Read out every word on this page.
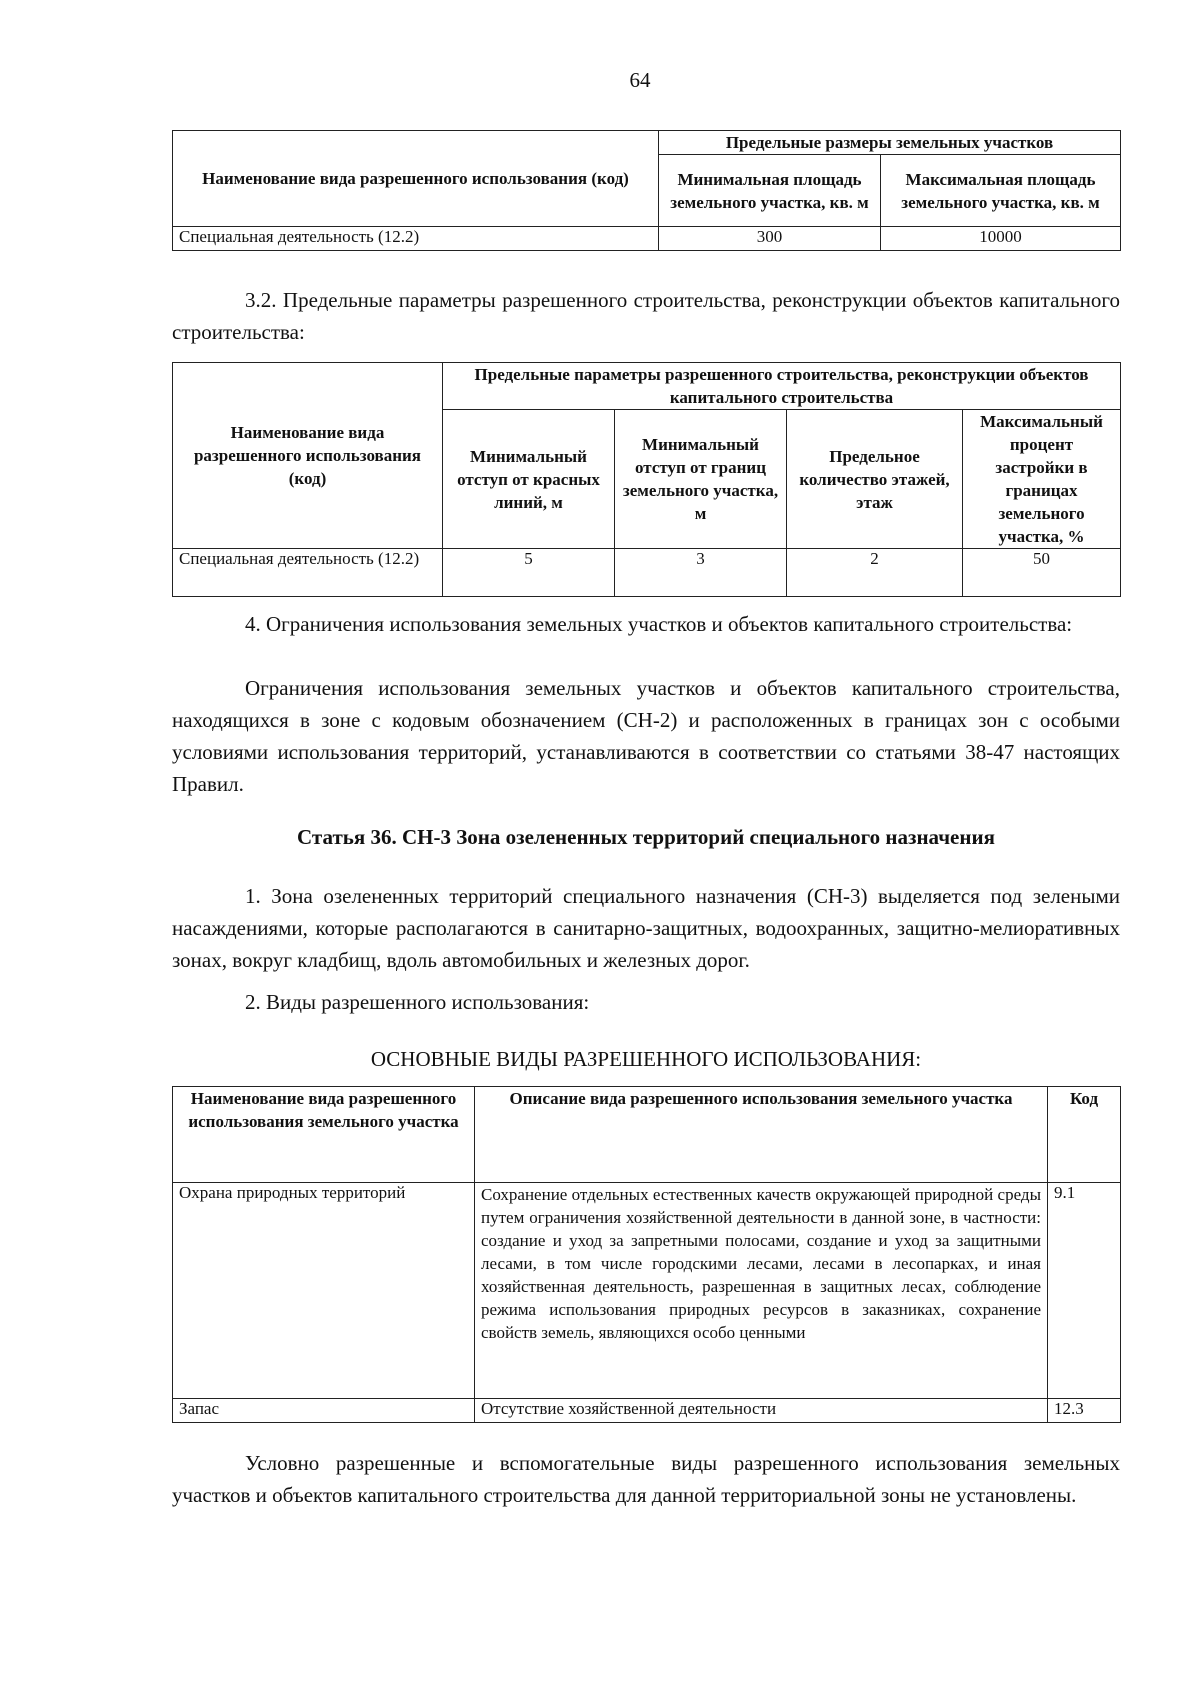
64
Наименование вида разрешенного использования (код)	Предельные размеры земельных участков	
	Минимальная площадь земельного участка, кв. м	Максимальная площадь земельного участка, кв. м
Специальная деятельность (12.2)	300	10000
3.2. Предельные параметры разрешенного строительства, реконструкции объектов капитального строительства:
Наименование вида разрешенного использования (код)	Предельные параметры разрешенного строительства, реконструкции объектов капитального строительства			
	Минимальный отступ от красных линий, м	Минимальный отступ от границ земельного участка, м	Предельное количество этажей, этаж	Максимальный процент застройки в границах земельного участка, %
Специальная деятельность (12.2)	5	3	2	50
4. Ограничения использования земельных участков и объектов капитального строительства:
Ограничения использования земельных участков и объектов капитального строительства, находящихся в зоне с кодовым обозначением (СН-2) и расположенных в границах зон с особыми условиями использования территорий, устанавливаются в соответствии со статьями 38-47 настоящих Правил.
Статья 36. СН-3 Зона озелененных территорий специального назначения
1. Зона озелененных территорий специального назначения (СН-3) выделяется под зелеными насаждениями, которые располагаются в санитарно-защитных, водоохранных, защитно-мелиоративных зонах, вокруг кладбищ, вдоль автомобильных и железных дорог.
2. Виды разрешенного использования:
ОСНОВНЫЕ ВИДЫ РАЗРЕШЕННОГО ИСПОЛЬЗОВАНИЯ:
Наименование вида разрешенного использования земельного участка	Описание вида разрешенного использования земельного участка	Код
Охрана природных территорий	Сохранение отдельных естественных качеств окружающей природной среды путем ограничения хозяйственной деятельности в данной зоне, в частности: создание и уход за запретными полосами, создание и уход за защитными лесами, в том числе городскими лесами, лесами в лесопарках, и иная хозяйственная деятельность, разрешенная в защитных лесах, соблюдение режима использования природных ресурсов в заказниках, сохранение свойств земель, являющихся особо ценными	9.1
Запас	Отсутствие хозяйственной деятельности	12.3
Условно разрешенные и вспомогательные виды разрешенного использования земельных участков и объектов капитального строительства для данной территориальной зоны не установлены.
